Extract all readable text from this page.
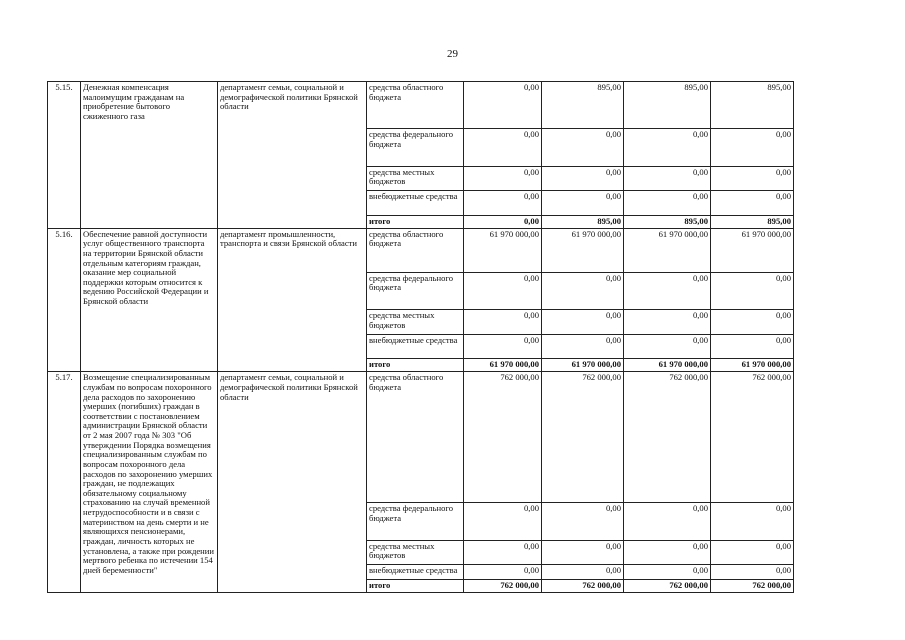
29
5.15.	Денежная компенсация малоимущим гражданам на приобретение бытового сжиженного газа	департамент семьи, социальной и демографической политики Брянской области	средства областного бюджета	0,00	895,00	895,00	895,00
			средства федерального бюджета	0,00	0,00	0,00	0,00
			средства местных бюджетов	0,00	0,00	0,00	0,00
			внебюджетные средства	0,00	0,00	0,00	0,00
			итого	0,00	895,00	895,00	895,00
5.16.	Обеспечение равной доступности услуг общественного транспорта на территории Брянской области отдельным категориям граждан, оказание мер социальной поддержки которым относится к ведению Российской Федерации и Брянской области	департамент промышленности, транспорта и связи Брянской области	средства областного бюджета	61 970 000,00	61 970 000,00	61 970 000,00	61 970 000,00
			средства федерального бюджета	0,00	0,00	0,00	0,00
			средства местных бюджетов	0,00	0,00	0,00	0,00
			внебюджетные средства	0,00	0,00	0,00	0,00
			итого	61 970 000,00	61 970 000,00	61 970 000,00	61 970 000,00
5.17.	Возмещение специализированным службам по вопросам похоронного дела расходов по захоронению умерших (погибших) граждан в соответствии с постановлением администрации Брянской области от 2 мая 2007 года № 303 "Об утверждении Порядка возмещения специализированным службам по вопросам похоронного дела расходов по захоронению умерших граждан, не подлежащих обязательному социальному страхованию на случай временной нетрудоспособности и в связи с материнством на день смерти и не являющихся пенсионерами, граждан, личность которых не установлена, а также при рождении мертвого ребенка по истечении 154 дней беременности"	департамент семьи, социальной и демографической политики Брянской области	средства областного бюджета	762 000,00	762 000,00	762 000,00	762 000,00
			средства федерального бюджета	0,00	0,00	0,00	0,00
			средства местных бюджетов	0,00	0,00	0,00	0,00
			внебюджетные средства	0,00	0,00	0,00	0,00
			итого	762 000,00	762 000,00	762 000,00	762 000,00
